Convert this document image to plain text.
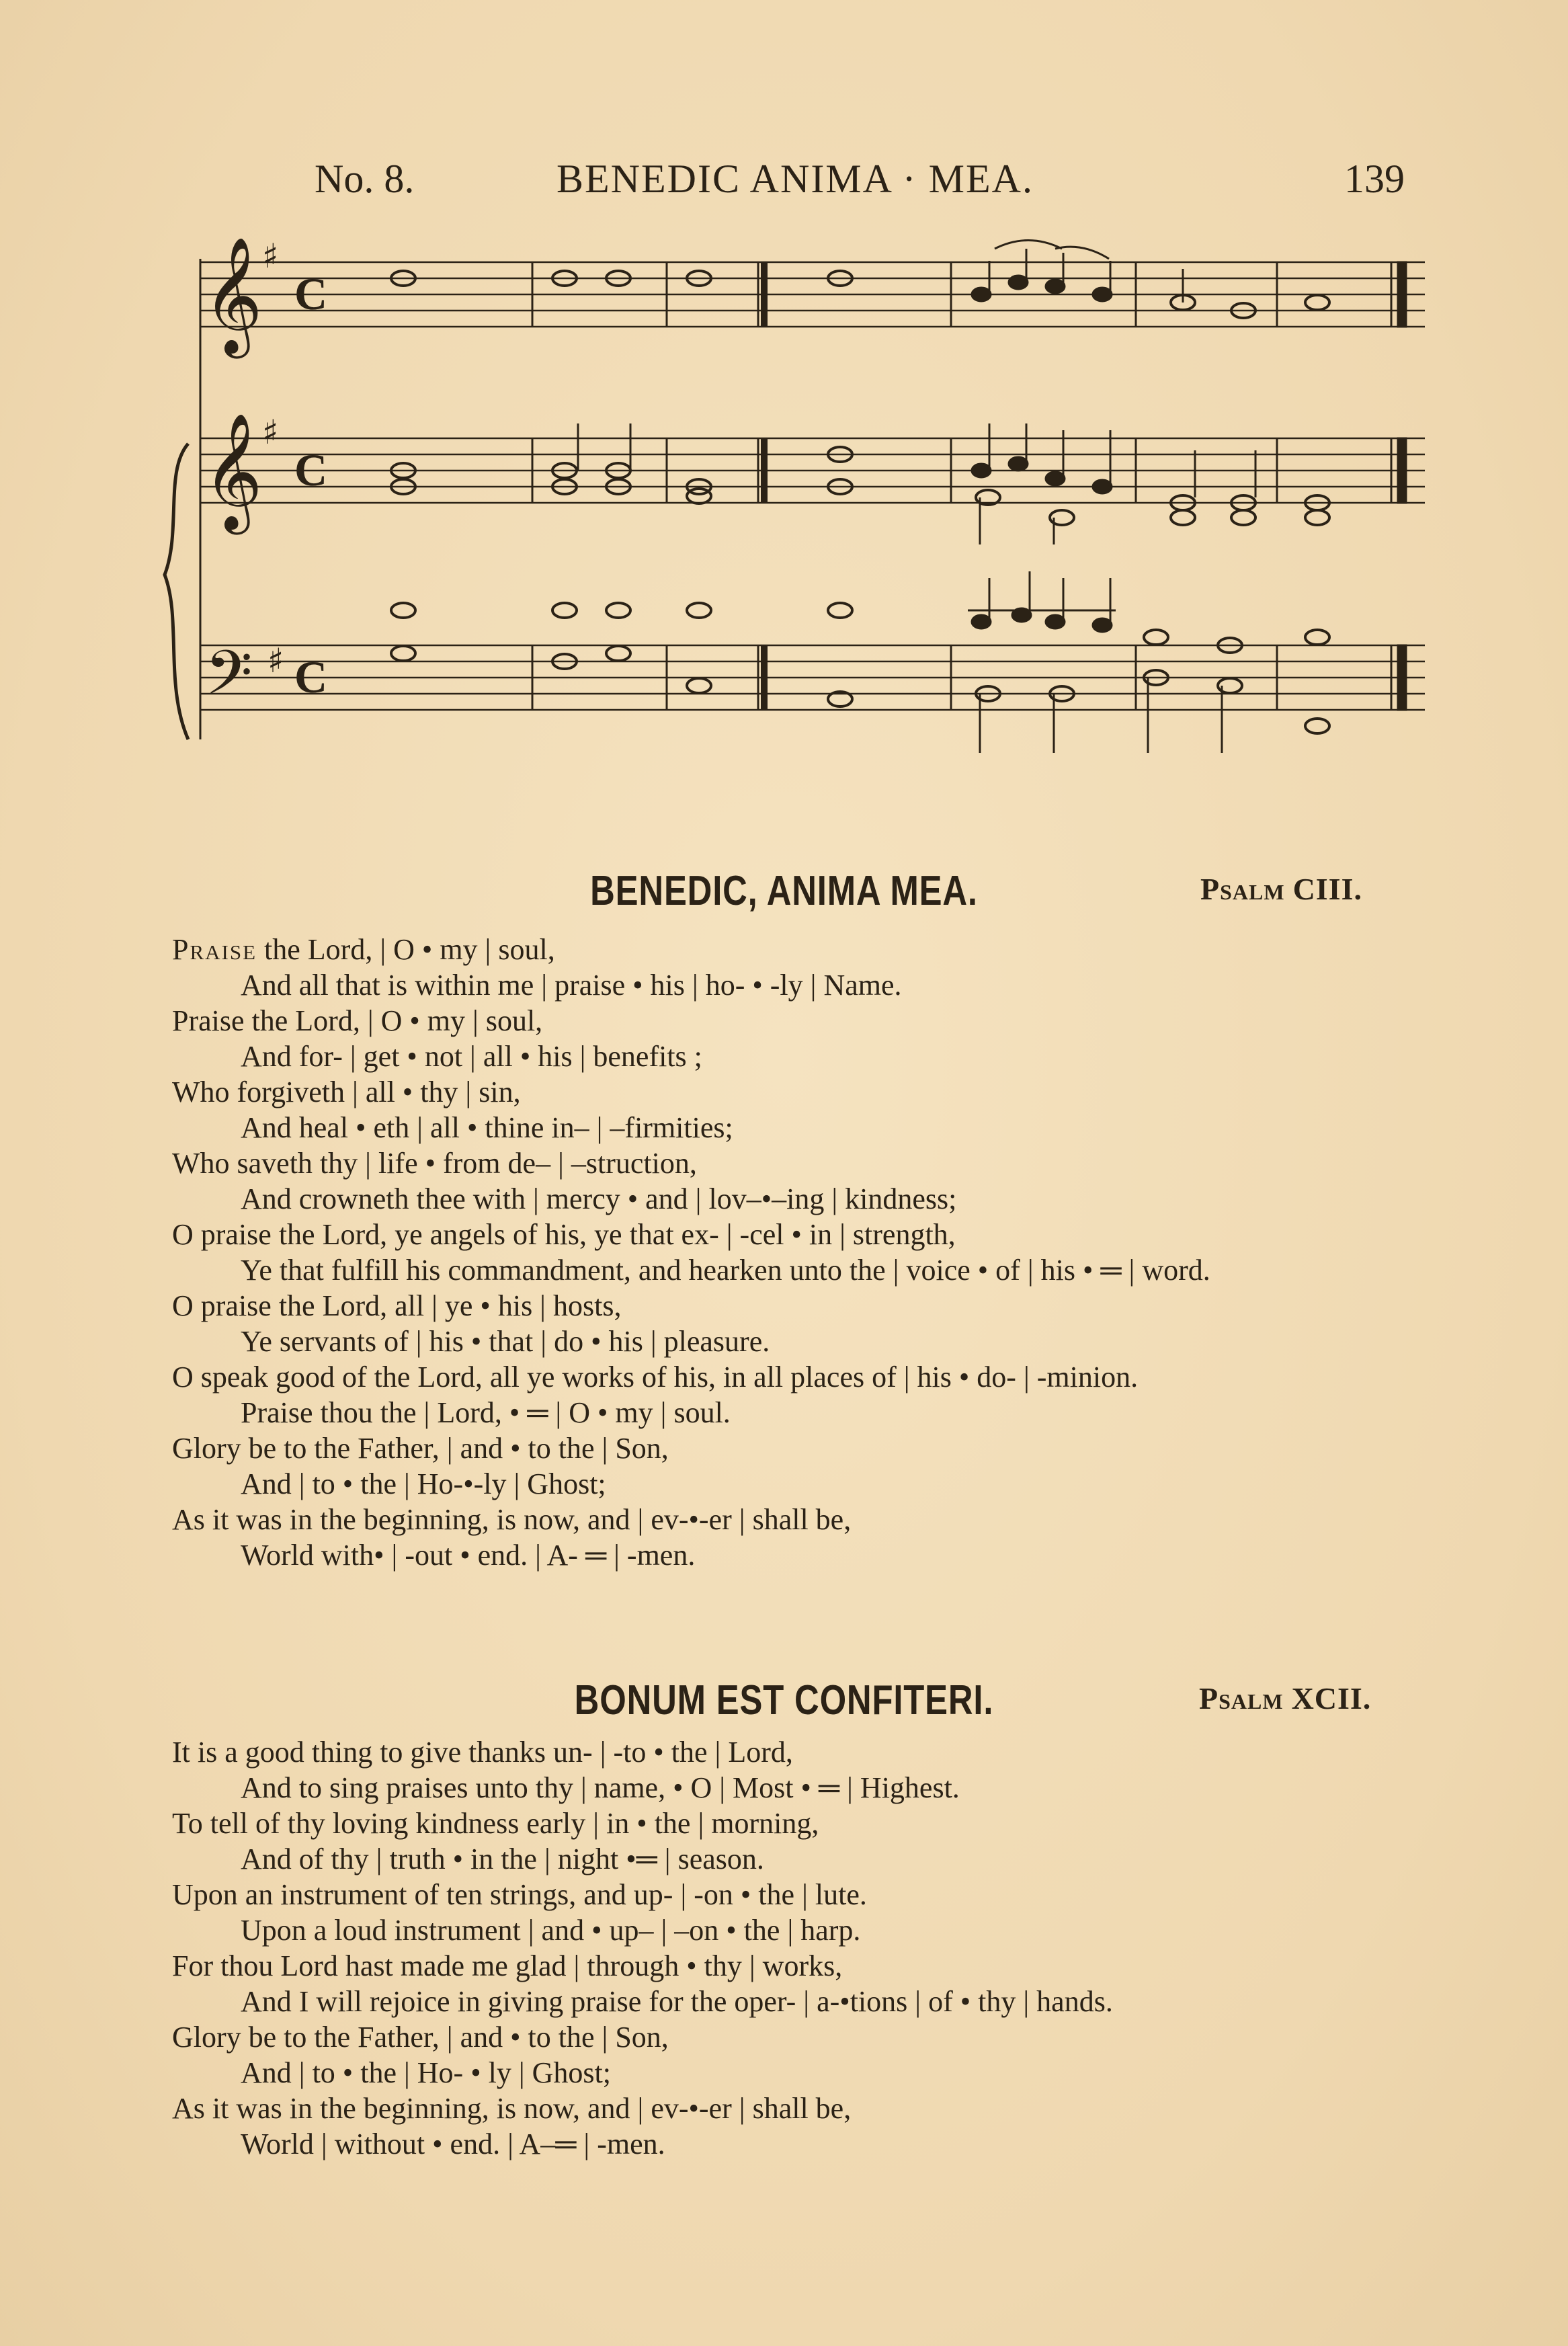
No. 8.	BENEDIC ANIMA · MEA.	139
𝄞
𝄞
𝄢
♯
♯
♯
C
C
C
BENEDIC, ANIMA MEA.	Psalm CIII.
Praise the Lord, | O • my | soul,
And all that is within me | praise • his | ho- • -ly | Name.
Praise the Lord, | O • my | soul,
And for- | get • not | all • his | benefits ;
Who forgiveth | all • thy | sin,
And heal • eth | all • thine in– | –firmities;
Who saveth thy | life • from de– | –struction,
And crowneth thee with | mercy • and | lov–•–ing | kindness;
O praise the Lord, ye angels of his, ye that ex- | -cel • in | strength,
Ye that fulfill his commandment, and hearken unto the | voice • of | his • ═ | word.
O praise the Lord, all | ye • his | hosts,
Ye servants of | his • that | do • his | pleasure.
O speak good of the Lord, all ye works of his, in all places of | his • do- | -minion.
Praise thou the | Lord, • ═ | O • my | soul.
Glory be to the Father, | and • to the | Son,
And | to • the | Ho-•-ly | Ghost;
As it was in the beginning, is now, and | ev-•-er | shall be,
World with• | -out • end. | A- ═ | -men.
BONUM EST CONFITERI.	Psalm XCII.
It is a good thing to give thanks un- | -to • the | Lord,
And to sing praises unto thy | name, • O | Most • ═ | Highest.
To tell of thy loving kindness early | in • the | morning,
And of thy | truth • in the | night •═ | season.
Upon an instrument of ten strings, and up- | -on • the | lute.
Upon a loud instrument | and • up– | –on • the | harp.
For thou Lord hast made me glad | through • thy | works,
And I will rejoice in giving praise for the oper- | a-•tions | of • thy | hands.
Glory be to the Father, | and • to the | Son,
And | to • the | Ho- • ly | Ghost;
As it was in the beginning, is now, and | ev-•-er | shall be,
World | without • end. | A–═ | -men.
